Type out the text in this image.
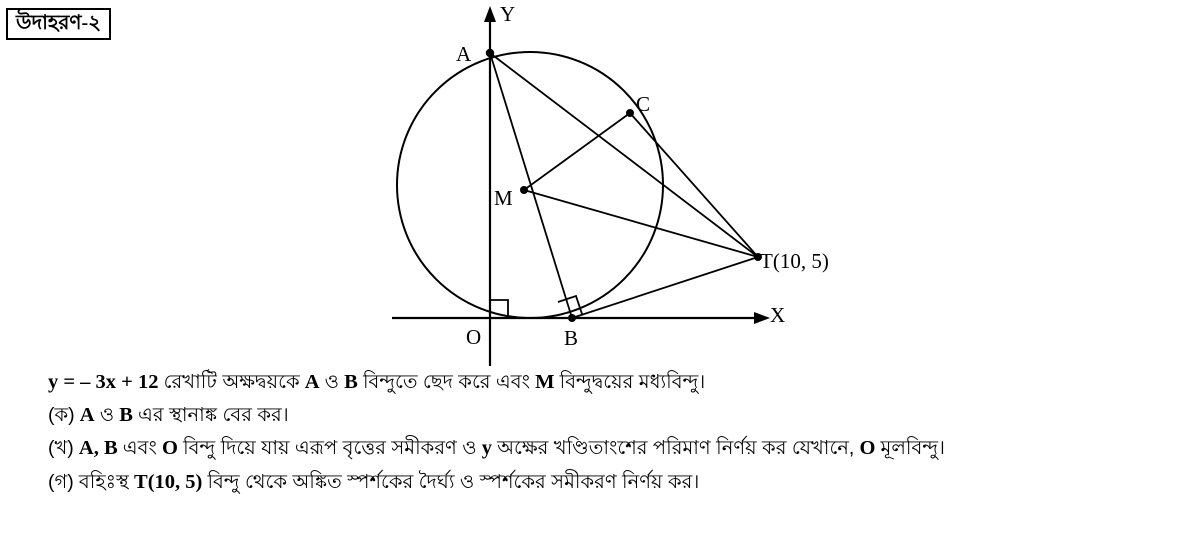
উদাহরণ-২
A
C
M
T(10, 5)
B
Y
X
O
y = – 3x + 12 রেখাটি অক্ষদ্বয়কে A ও B বিন্দুতে ছেদ করে এবং M বিন্দুদ্বয়ের মধ্যবিন্দু।
(ক) A ও B এর স্থানাঙ্ক বের কর।
(খ) A, B এবং O বিন্দু দিয়ে যায় এরূপ বৃত্তের সমীকরণ ও y অক্ষের খণ্ডিতাংশের পরিমাণ নির্ণয় কর যেখানে, O মূলবিন্দু।
(গ) বহিঃস্থ T(10, 5) বিন্দু থেকে অঙ্কিত স্পর্শকের দৈর্ঘ্য ও স্পর্শকের সমীকরণ নির্ণয় কর।
